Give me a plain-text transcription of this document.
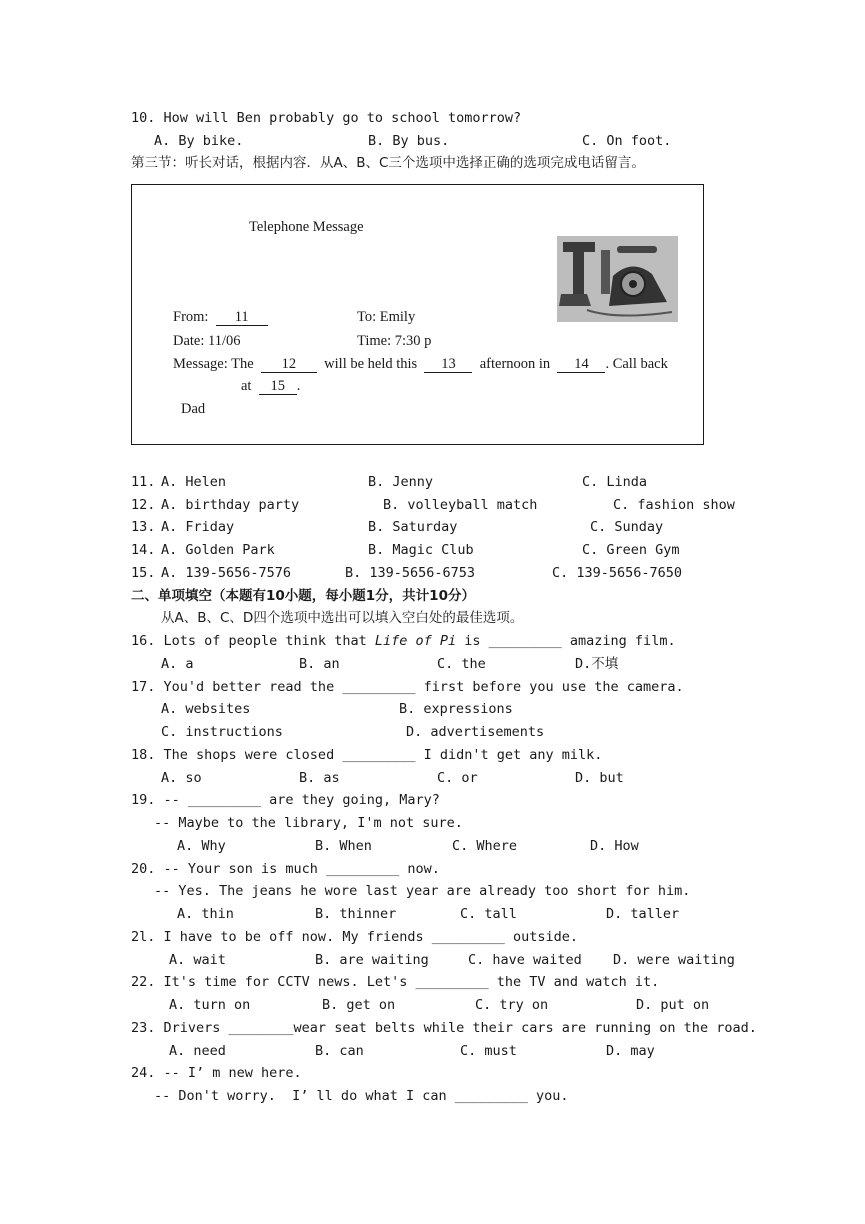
10. How will Ben probably go to school tomorrow?
A. By bike.	B. By bus.	C. On foot.
第三节：听长对话，根据内容．从A、B、C三个选项中选择正确的选项完成电话留言。
Telephone Message
From: 11	To: Emily
Date: 11/06	Time: 7:30 p
Message: The 12 will be held this 13 afternoon in 14 . Call back
at 15 .
Dad
11. A. Helen	B. Jenny	C. Linda
12. A. birthday party	B. volleyball match	C. fashion show
13. A. Friday	B. Saturday	C. Sunday
14. A. Golden Park	B. Magic Club	C. Green Gym
15. A. 139-5656-7576	B. 139-5656-6753	C. 139-5656-7650
二、单项填空（本题有10小题，每小题1分，共计10分）
从A、B、C、D四个选项中选出可以填入空白处的最佳选项。
16. Lots of people think that Life of Pi is _________ amazing film.
A. a	B. an	C. the	D.不填
17. You'd better read the _________ first before you use the camera.
A. websites	B. expressions
C. instructions	D. advertisements
18. The shops were closed _________ I didn't get any milk.
A. so	B. as	C. or	D. but
19. -- _________ are they going, Mary?
-- Maybe to the library, I'm not sure.
A. Why	B. When	C. Where	D. How
20. -- Your son is much _________ now.
-- Yes. The jeans he wore last year are already too short for him.
A. thin	B. thinner	C. tall	D. taller
2l. I have to be off now. My friends _________ outside.
A. wait	B. are waiting	C. have waited D. were waiting
22. It's time for CCTV news. Let's _________ the TV and watch it.
A. turn on	B. get on	C. try on	D. put on
23. Drivers ________wear seat belts while their cars are running on the road.
A. need	B. can	C. must	D. may
24. -- I’ m new here.
-- Don't worry.  I’ ll do what I can _________ you.
